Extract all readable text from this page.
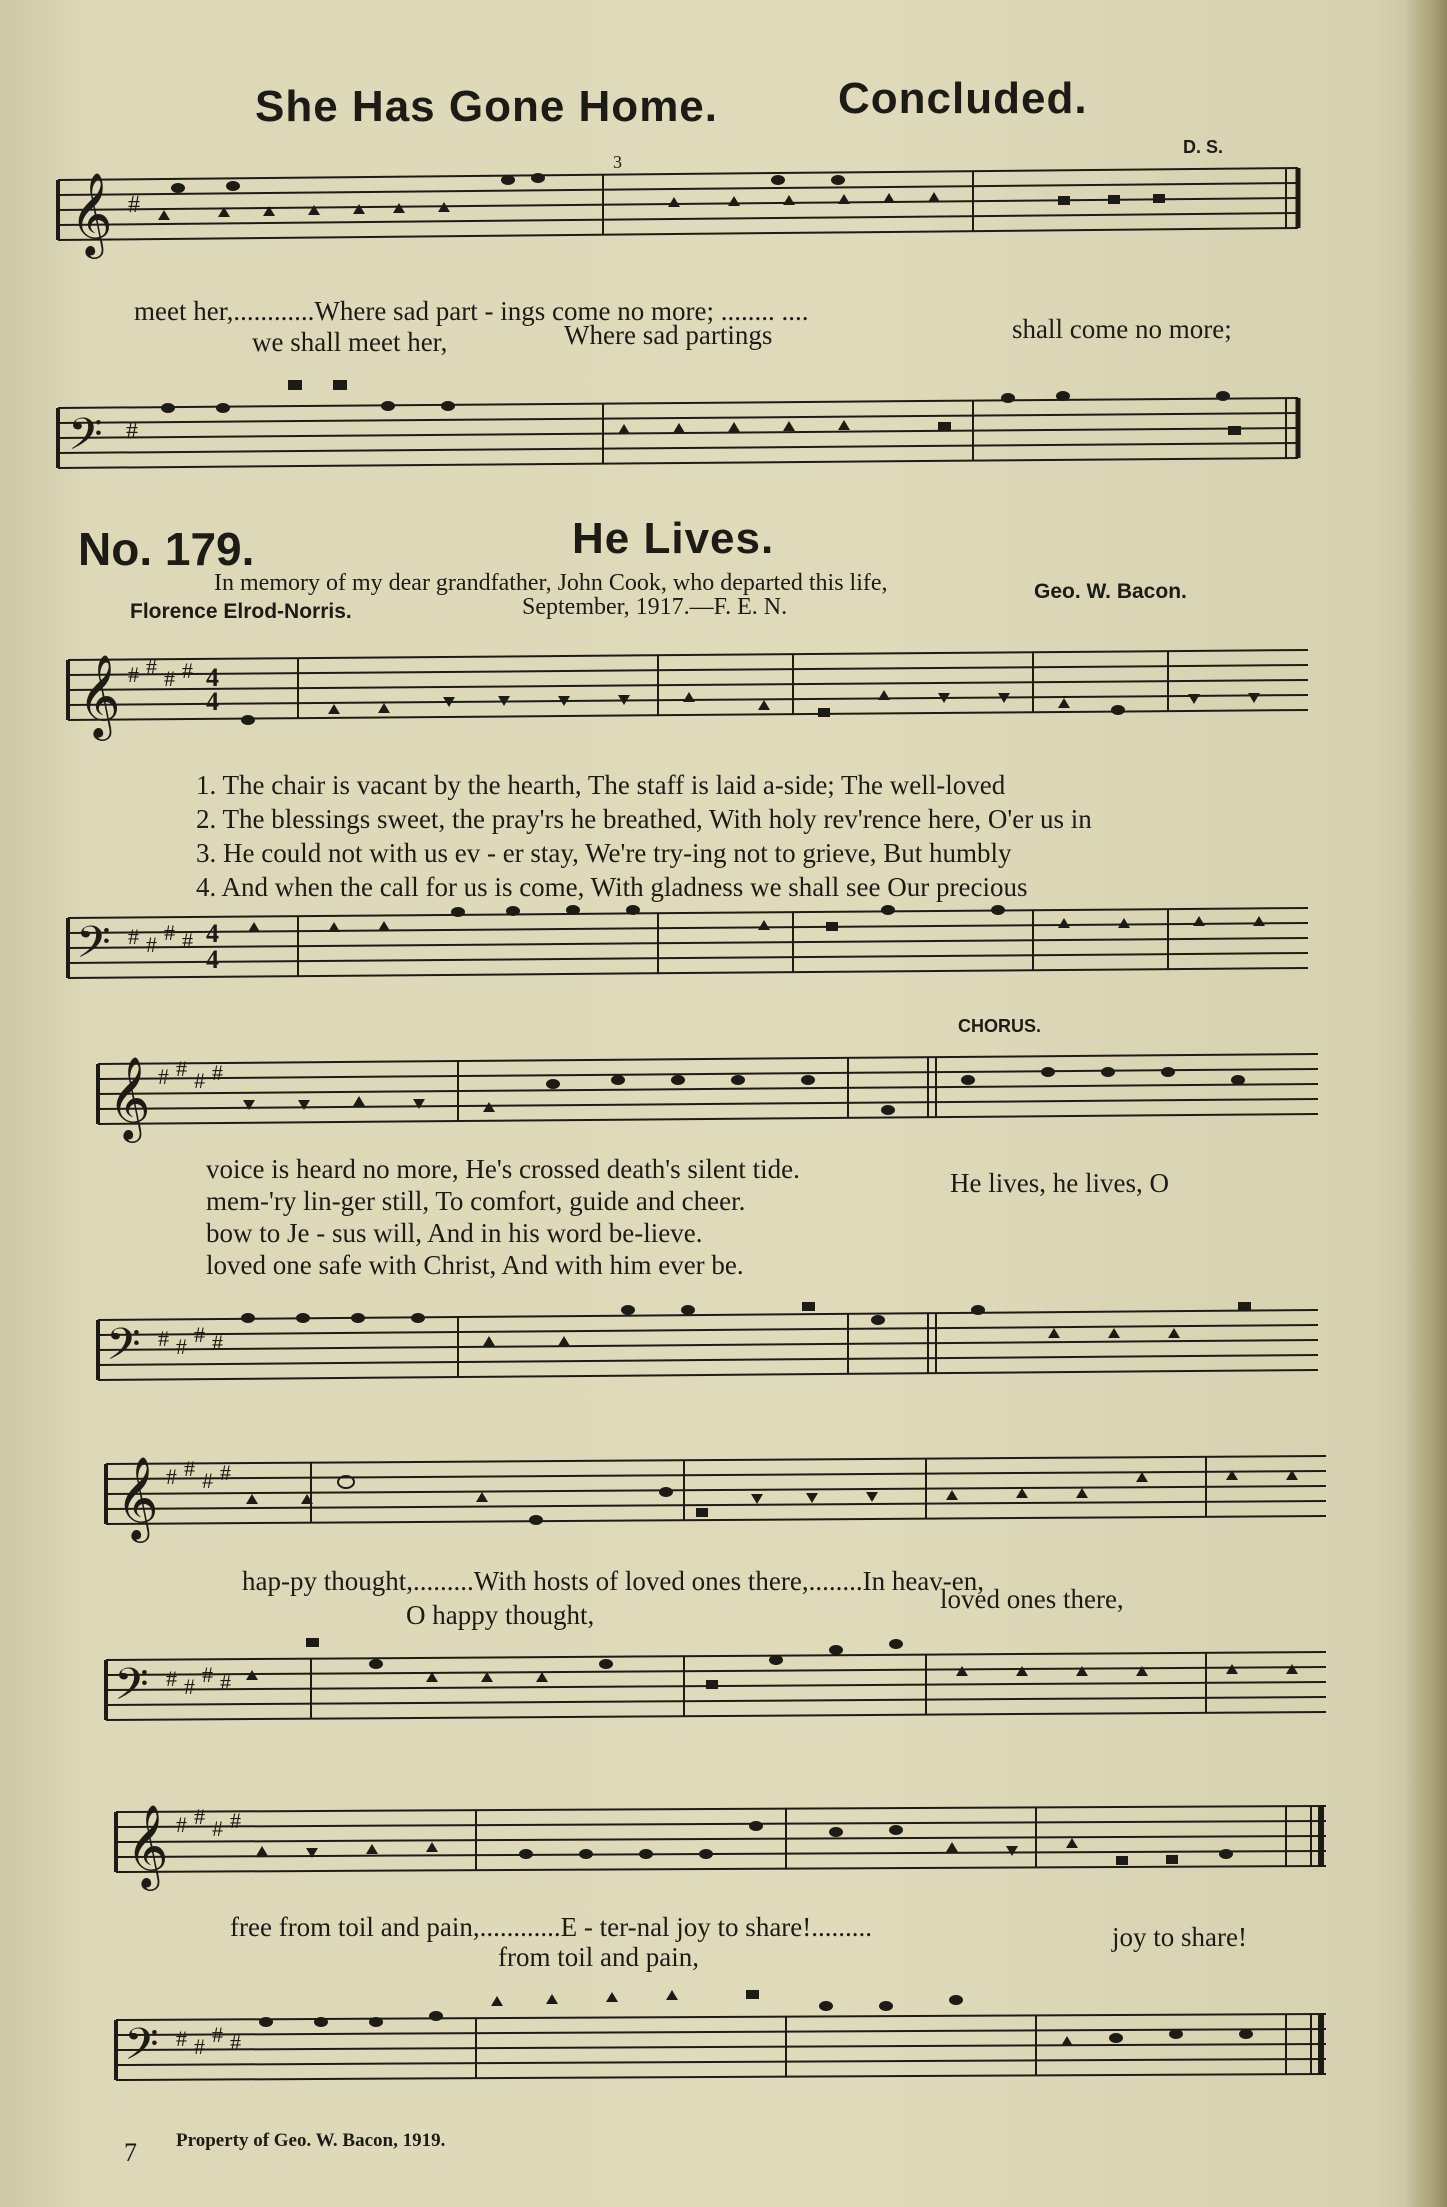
She Has Gone Home.	Concluded.
D. S.
𝄞 #
3
meet her,............Where sad part - ings come no more; ........ ....
we shall meet her,	Where sad partings	shall come no more;
𝄢 #
No. 179.	He Lives.
In memory of my dear grandfather, John Cook, who departed this life,
Florence Elrod-Norris.	September, 1917.—F. E. N.
Geo. W. Bacon.
𝄞 # # # # 4
4
1. The chair is vacant by the hearth, The staff is laid a-side; The well-loved
2. The blessings sweet, the pray'rs he breathed, With holy rev'rence here, O'er us in
3. He could not with us ev - er stay, We're try-ing not to grieve, But humbly
4. And when the call for us is come, With gladness we shall see Our precious
𝄢 # # # # 4
4
𝄞 # # # #
CHORUS.
voice is heard no more, He's crossed death's silent tide.
mem-'ry lin-ger still, To comfort, guide and cheer.
bow to Je - sus will, And in his word be-lieve.
loved one safe with Christ, And with him ever be.
He lives, he lives, O
𝄢 # # # #
𝄞 # # # #
hap-py thought,.........With hosts of loved ones there,........In heav-en,
O happy thought,
loved ones there,
𝄢 # # # #
𝄞 # # # #
free from toil and pain,............E - ter-nal joy to share!.........
from toil and pain,
joy to share!
𝄢 # # # #
7 Property of Geo. W. Bacon, 1919.
